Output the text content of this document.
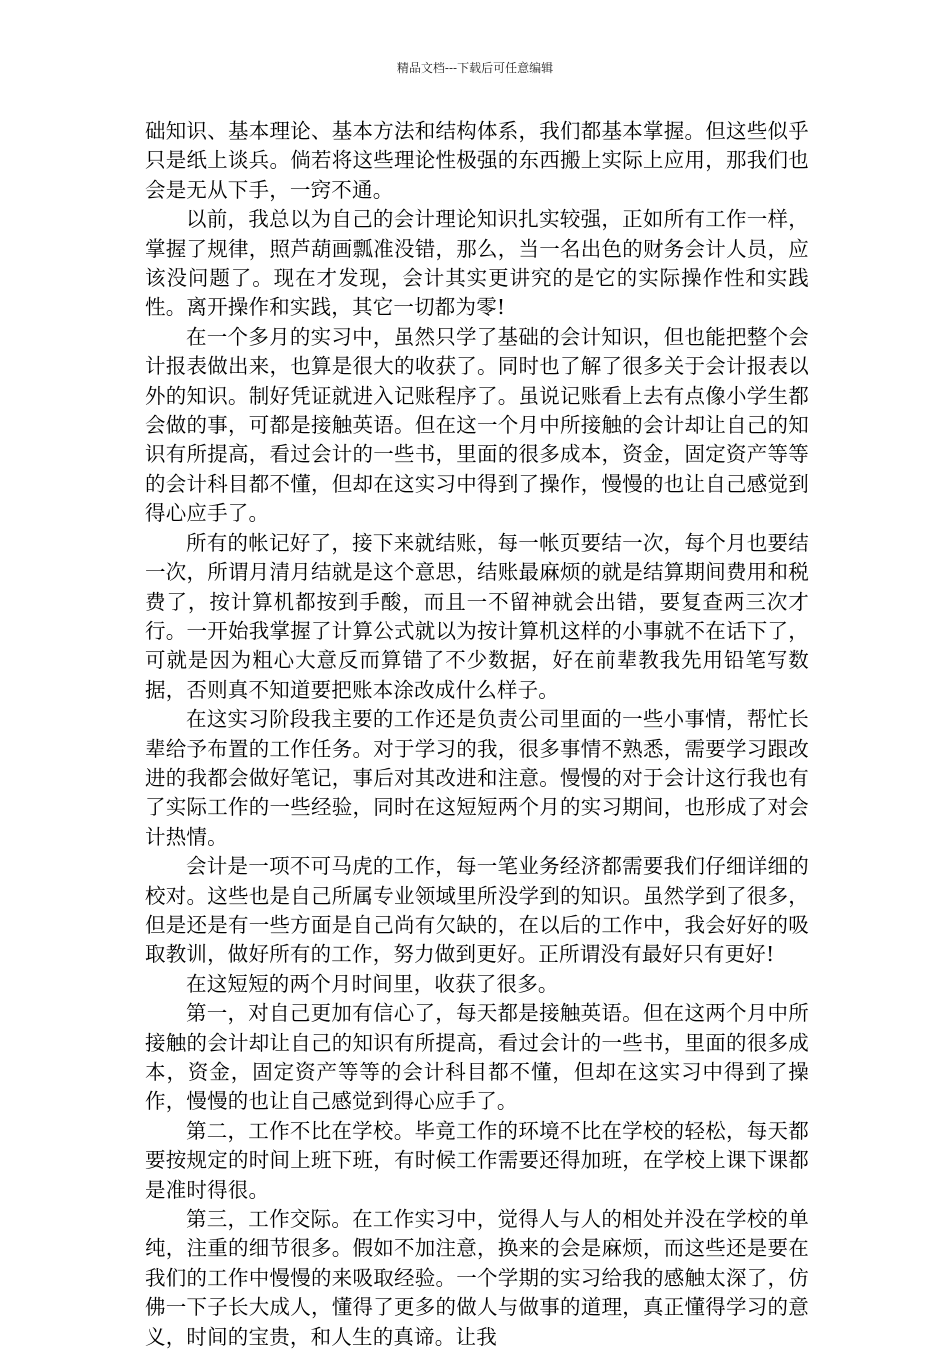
精品文档---下载后可任意编辑

础知识、基本理论、基本方法和结构体系，我们都基本掌握。但这些似乎只是纸上谈兵。倘若将这些理论性极强的东西搬上实际上应用，那我们也会是无从下手，一窍不通。

以前，我总以为自己的会计理论知识扎实较强，正如所有工作一样，掌握了规律，照芦葫画瓢准没错，那么，当一名出色的财务会计人员，应该没问题了。现在才发现，会计其实更讲究的是它的实际操作性和实践性。离开操作和实践，其它一切都为零!

在一个多月的实习中，虽然只学了基础的会计知识，但也能把整个会计报表做出来，也算是很大的收获了。同时也了解了很多关于会计报表以外的知识。制好凭证就进入记账程序了。虽说记账看上去有点像小学生都会做的事，可都是接触英语。但在这一个月中所接触的会计却让自己的知识有所提高，看过会计的一些书，里面的很多成本，资金，固定资产等等的会计科目都不懂，但却在这实习中得到了操作，慢慢的也让自己感觉到得心应手了。

所有的帐记好了，接下来就结账，每一帐页要结一次，每个月也要结一次，所谓月清月结就是这个意思，结账最麻烦的就是结算期间费用和税费了，按计算机都按到手酸，而且一不留神就会出错，要复查两三次才行。一开始我掌握了计算公式就以为按计算机这样的小事就不在话下了，可就是因为粗心大意反而算错了不少数据，好在前辈教我先用铅笔写数据，否则真不知道要把账本涂改成什么样子。

在这实习阶段我主要的工作还是负责公司里面的一些小事情，帮忙长辈给予布置的工作任务。对于学习的我，很多事情不熟悉，需要学习跟改进的我都会做好笔记，事后对其改进和注意。慢慢的对于会计这行我也有了实际工作的一些经验，同时在这短短两个月的实习期间，也形成了对会计热情。

会计是一项不可马虎的工作，每一笔业务经济都需要我们仔细详细的校对。这些也是自己所属专业领域里所没学到的知识。虽然学到了很多，但是还是有一些方面是自己尚有欠缺的，在以后的工作中，我会好好的吸取教训，做好所有的工作，努力做到更好。正所谓没有最好只有更好!

在这短短的两个月时间里，收获了很多。

第一，对自己更加有信心了，每天都是接触英语。但在这两个月中所接触的会计却让自己的知识有所提高，看过会计的一些书，里面的很多成本，资金，固定资产等等的会计科目都不懂，但却在这实习中得到了操作，慢慢的也让自己感觉到得心应手了。

第二，工作不比在学校。毕竟工作的环境不比在学校的轻松，每天都要按规定的时间上班下班，有时候工作需要还得加班，在学校上课下课都是准时得很。

第三，工作交际。在工作实习中，觉得人与人的相处并没在学校的单纯，注重的细节很多。假如不加注意，换来的会是麻烦，而这些还是要在我们的工作中慢慢的来吸取经验。一个学期的实习给我的感触太深了，仿佛一下子长大成人，懂得了更多的做人与做事的道理，真正懂得学习的意义，时间的宝贵，和人生的真谛。让我
